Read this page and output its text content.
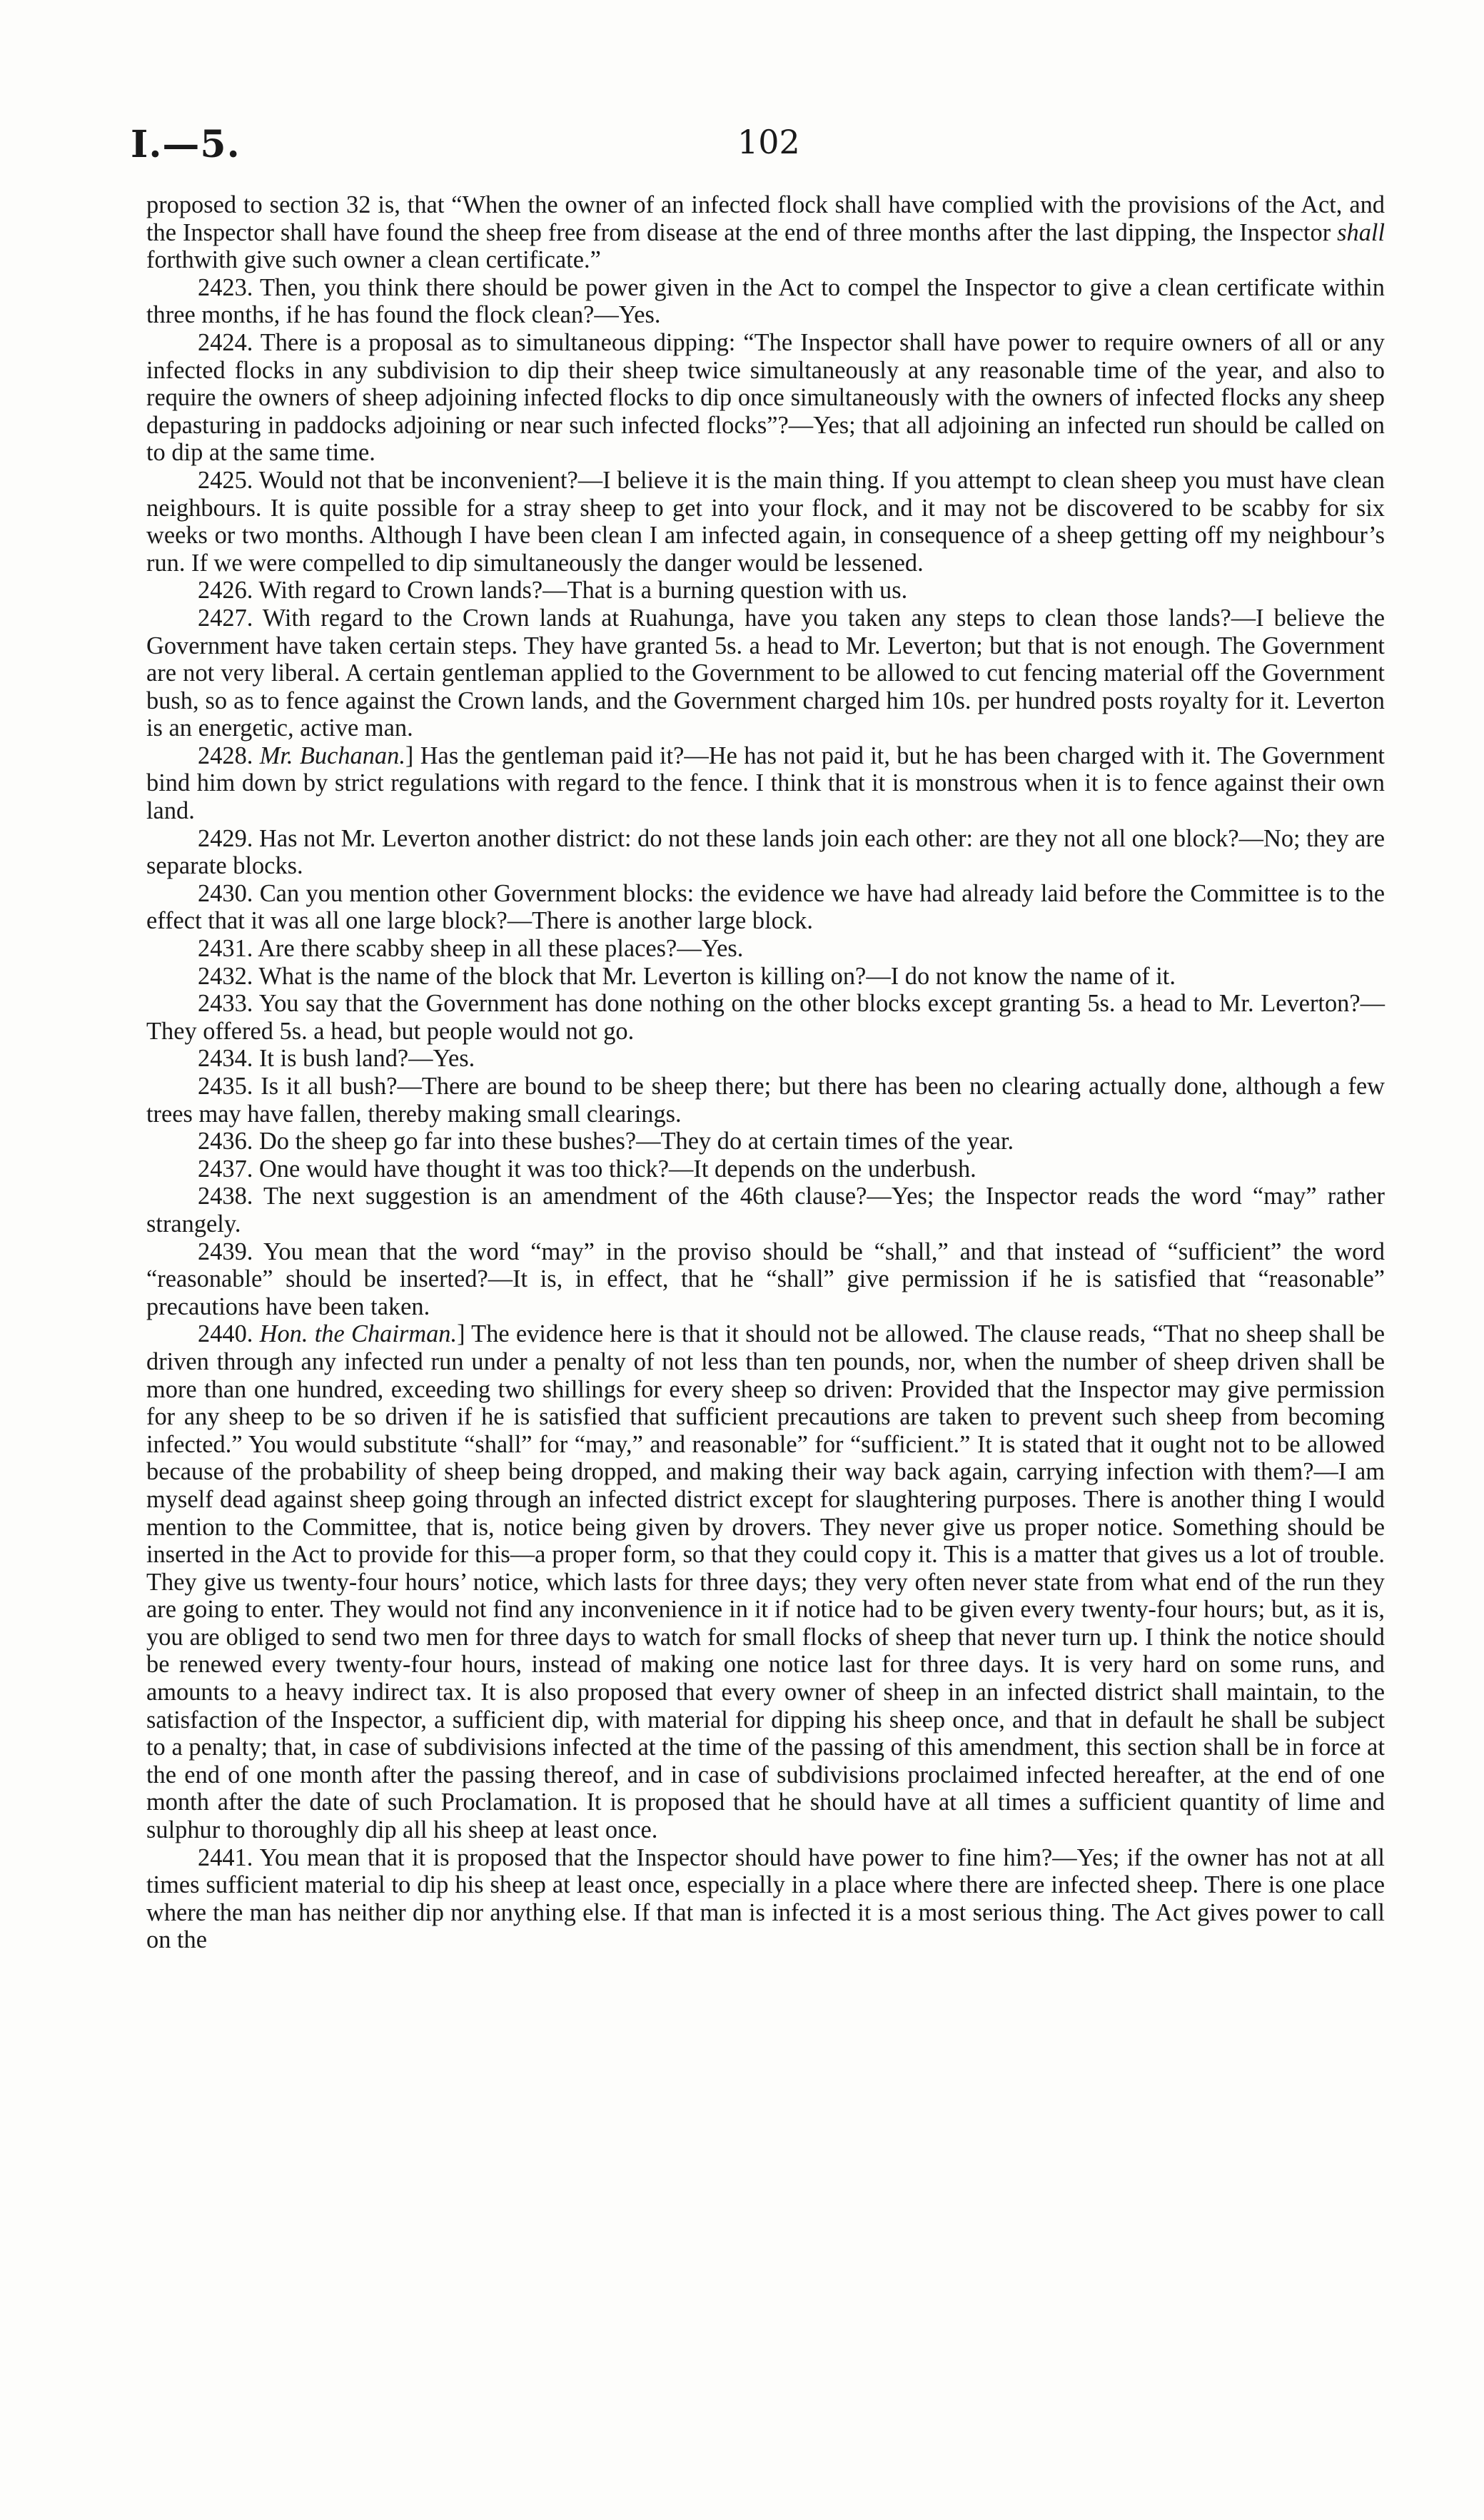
I.—5.	102

proposed to section 32 is, that “When the owner of an infected flock shall have complied with the provisions of the Act, and the Inspector shall have found the sheep free from disease at the end of three months after the last dipping, the Inspector shall forthwith give such owner a clean certificate.”

2423. Then, you think there should be power given in the Act to compel the Inspector to give a clean certificate within three months, if he has found the flock clean?—Yes.

2424. There is a proposal as to simultaneous dipping: “The Inspector shall have power to require owners of all or any infected flocks in any subdivision to dip their sheep twice simultaneously at any reasonable time of the year, and also to require the owners of sheep adjoining infected flocks to dip once simultaneously with the owners of infected flocks any sheep depasturing in paddocks adjoining or near such infected flocks”?—Yes; that all adjoining an infected run should be called on to dip at the same time.

2425. Would not that be inconvenient?—I believe it is the main thing. If you attempt to clean sheep you must have clean neighbours. It is quite possible for a stray sheep to get into your flock, and it may not be discovered to be scabby for six weeks or two months. Although I have been clean I am infected again, in consequence of a sheep getting off my neighbour’s run. If we were compelled to dip simultaneously the danger would be lessened.

2426. With regard to Crown lands?—That is a burning question with us.

2427. With regard to the Crown lands at Ruahunga, have you taken any steps to clean those lands?—I believe the Government have taken certain steps. They have granted 5s. a head to Mr. Leverton; but that is not enough. The Government are not very liberal. A certain gentleman applied to the Government to be allowed to cut fencing material off the Government bush, so as to fence against the Crown lands, and the Government charged him 10s. per hundred posts royalty for it. Leverton is an energetic, active man.

2428. Mr. Buchanan.] Has the gentleman paid it?—He has not paid it, but he has been charged with it. The Government bind him down by strict regulations with regard to the fence. I think that it is monstrous when it is to fence against their own land.

2429. Has not Mr. Leverton another district: do not these lands join each other: are they not all one block?—No; they are separate blocks.

2430. Can you mention other Government blocks: the evidence we have had already laid before the Committee is to the effect that it was all one large block?—There is another large block.

2431. Are there scabby sheep in all these places?—Yes.

2432. What is the name of the block that Mr. Leverton is killing on?—I do not know the name of it.

2433. You say that the Government has done nothing on the other blocks except granting 5s. a head to Mr. Leverton?—They offered 5s. a head, but people would not go.

2434. It is bush land?—Yes.

2435. Is it all bush?—There are bound to be sheep there; but there has been no clearing actually done, although a few trees may have fallen, thereby making small clearings.

2436. Do the sheep go far into these bushes?—They do at certain times of the year.

2437. One would have thought it was too thick?—It depends on the underbush.

2438. The next suggestion is an amendment of the 46th clause?—Yes; the Inspector reads the word “may” rather strangely.

2439. You mean that the word “may” in the proviso should be “shall,” and that instead of “sufficient” the word “reasonable” should be inserted?—It is, in effect, that he “shall” give permission if he is satisfied that “reasonable” precautions have been taken.

2440. Hon. the Chairman.] The evidence here is that it should not be allowed. The clause reads, “That no sheep shall be driven through any infected run under a penalty of not less than ten pounds, nor, when the number of sheep driven shall be more than one hundred, exceeding two shillings for every sheep so driven: Provided that the Inspector may give permission for any sheep to be so driven if he is satisfied that sufficient precautions are taken to prevent such sheep from becoming infected.” You would substitute “shall” for “may,” and reasonable” for “sufficient.” It is stated that it ought not to be allowed because of the probability of sheep being dropped, and making their way back again, carrying infection with them?—I am myself dead against sheep going through an infected district except for slaughtering purposes. There is another thing I would mention to the Committee, that is, notice being given by drovers. They never give us proper notice. Something should be inserted in the Act to provide for this—a proper form, so that they could copy it. This is a matter that gives us a lot of trouble. They give us twenty-four hours’ notice, which lasts for three days; they very often never state from what end of the run they are going to enter. They would not find any inconvenience in it if notice had to be given every twenty-four hours; but, as it is, you are obliged to send two men for three days to watch for small flocks of sheep that never turn up. I think the notice should be renewed every twenty-four hours, instead of making one notice last for three days. It is very hard on some runs, and amounts to a heavy indirect tax. It is also proposed that every owner of sheep in an infected district shall maintain, to the satisfaction of the Inspector, a sufficient dip, with material for dipping his sheep once, and that in default he shall be subject to a penalty; that, in case of subdivisions infected at the time of the passing of this amendment, this section shall be in force at the end of one month after the passing thereof, and in case of subdivisions proclaimed infected hereafter, at the end of one month after the date of such Proclamation. It is proposed that he should have at all times a sufficient quantity of lime and sulphur to thoroughly dip all his sheep at least once.

2441. You mean that it is proposed that the Inspector should have power to fine him?—Yes; if the owner has not at all times sufficient material to dip his sheep at least once, especially in a place where there are infected sheep. There is one place where the man has neither dip nor anything else. If that man is infected it is a most serious thing. The Act gives power to call on the
